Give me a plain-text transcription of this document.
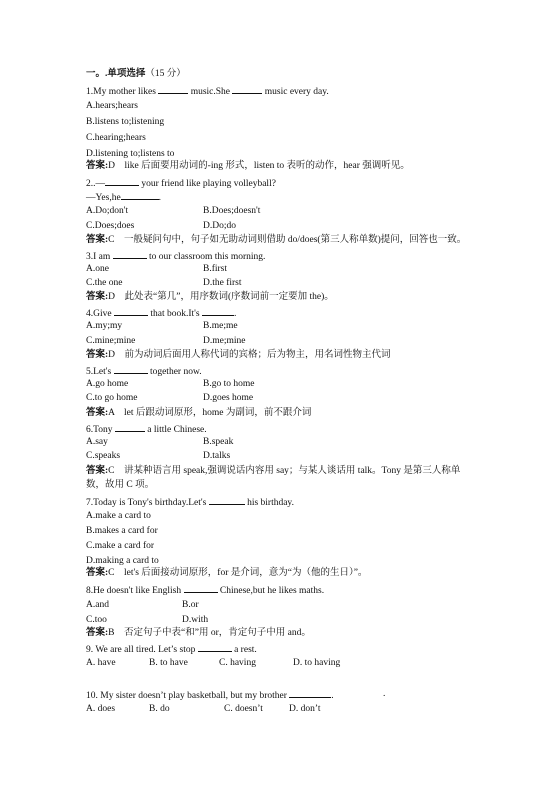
一。.单项选择（15 分）
1.My mother likes	music.She	music every day.
A.hears;hears
B.listens to;listening
C.hearing;hears
D.listening to;listens to
答案:D　like 后面要用动词的-ing 形式，listen to 表听的动作，hear 强调听见。
2..—	your friend like playing volleyball?
—Yes,he	.
A.Do;don't	B.Does;doesn't
C.Does;does	D.Do;do
答案:C　一般疑问句中，句子如无助动词则借助 do/does(第三人称单数)提问，回答也一致。
3.I am	to our classroom this morning.
A.one	B.first
C.the one	D.the first
答案:D　此处表“第几”，用序数词(序数词前一定要加 the)。
4.Give	that book.It's	.
A.my;my	B.me;me
C.mine;mine	D.me;mine
答案:D　前为动词后面用人称代词的宾格；后为物主，用名词性物主代词
5.Let's	together now.
A.go home	B.go to home
C.to go home	D.goes home
答案:A　let 后跟动词原形，home 为副词，前不跟介词
6.Tony	a little Chinese.
A.say	B.speak
C.speaks	D.talks
答案:C　讲某种语言用 speak,强调说话内容用 say；与某人谈话用 talk。Tony 是第三人称单
数，故用 C 项。
7.Today is Tony's birthday.Let's	his birthday.
A.make a card to
B.makes a card for
C.make a card for
D.making a card to
答案:C　let's 后面接动词原形，for 是介词，意为“为（他的生日）”。
8.He doesn't like English	Chinese,but he likes maths.
A.and	B.or
C.too	D.with
答案:B　否定句子中表“和”用 or，肯定句子中用 and。
9. We are all tired. Let’s stop	a rest.
A. have	B. to have	C. having	D. to having
10. My sister doesn’t play basketball, but my brother	.	.
A. does	B. do	C. doesn’t	D. don’t
